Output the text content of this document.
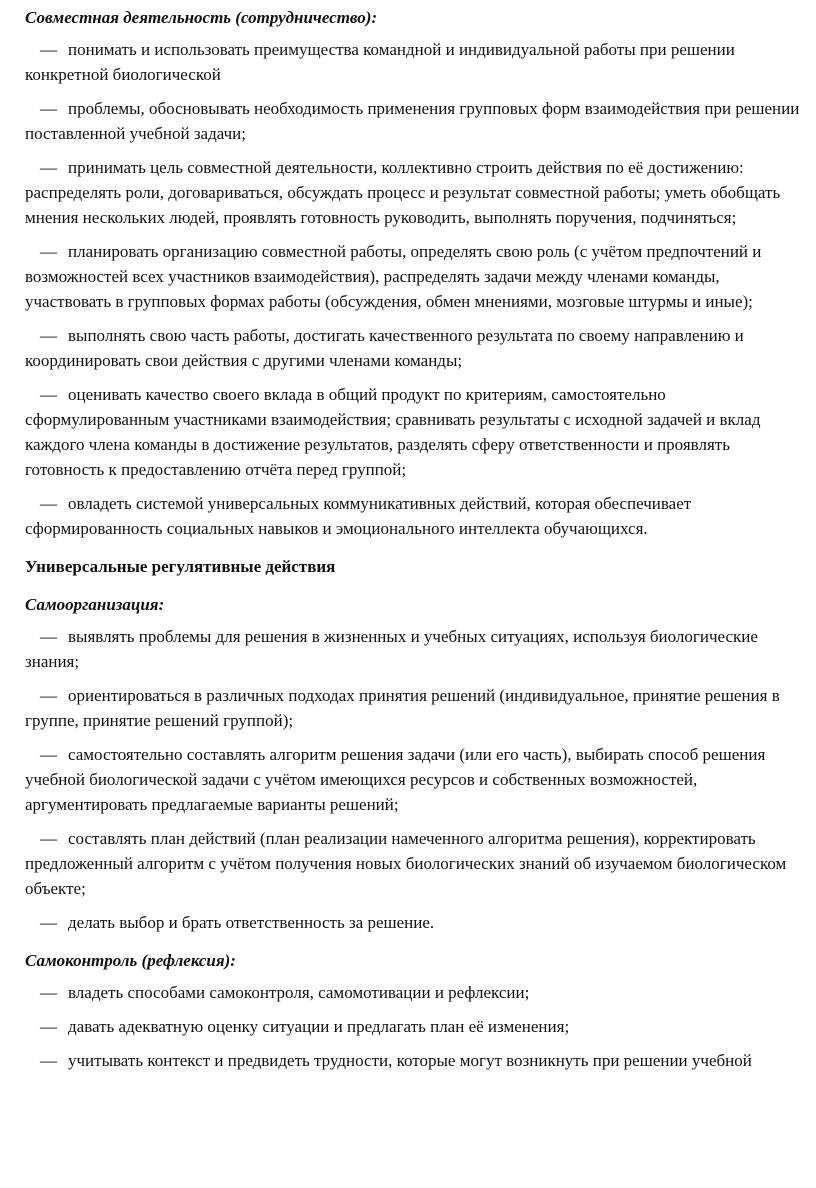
Совместная деятельность (сотрудничество):

— понимать и использовать преимущества командной и индивидуальной работы при решении конкретной биологической

— проблемы, обосновывать необходимость применения групповых форм взаимодействия при решении поставленной учебной задачи;

— принимать цель совместной деятельности, коллективно строить действия по её достижению: распределять роли, договариваться, обсуждать процесс и результат совместной работы; уметь обобщать мнения нескольких людей, проявлять готовность руководить, выполнять поручения, подчиняться;

— планировать организацию совместной работы, определять свою роль (с учётом предпочтений и возможностей всех участников взаимодействия), распределять задачи между членами команды, участвовать в групповых формах работы (обсуждения, обмен мнениями, мозговые штурмы и иные);

— выполнять свою часть работы, достигать качественного результата по своему направлению и координировать свои действия с другими членами команды;

— оценивать качество своего вклада в общий продукт по критериям, самостоятельно сформулированным участниками взаимодействия; сравнивать результаты с исходной задачей и вклад каждого члена команды в достижение результатов, разделять сферу ответственности и проявлять готовность к предоставлению отчёта перед группой;

— овладеть системой универсальных коммуникативных действий, которая обеспечивает сформированность социальных навыков и эмоционального интеллекта обучающихся.

Универсальные регулятивные действия

Самоорганизация:

— выявлять проблемы для решения в жизненных и учебных ситуациях, используя биологические знания;

— ориентироваться в различных подходах принятия решений (индивидуальное, принятие решения в группе, принятие решений группой);

— самостоятельно составлять алгоритм решения задачи (или его часть), выбирать способ решения учебной биологической задачи с учётом имеющихся ресурсов и собственных возможностей, аргументировать предлагаемые варианты решений;

— составлять план действий (план реализации намеченного алгоритма решения), корректировать предложенный алгоритм с учётом получения новых биологических знаний об изучаемом биологическом объекте;

— делать выбор и брать ответственность за решение.

Самоконтроль (рефлексия):

— владеть способами самоконтроля, самомотивации и рефлексии;

— давать адекватную оценку ситуации и предлагать план её изменения;

— учитывать контекст и предвидеть трудности, которые могут возникнуть при решении учебной
